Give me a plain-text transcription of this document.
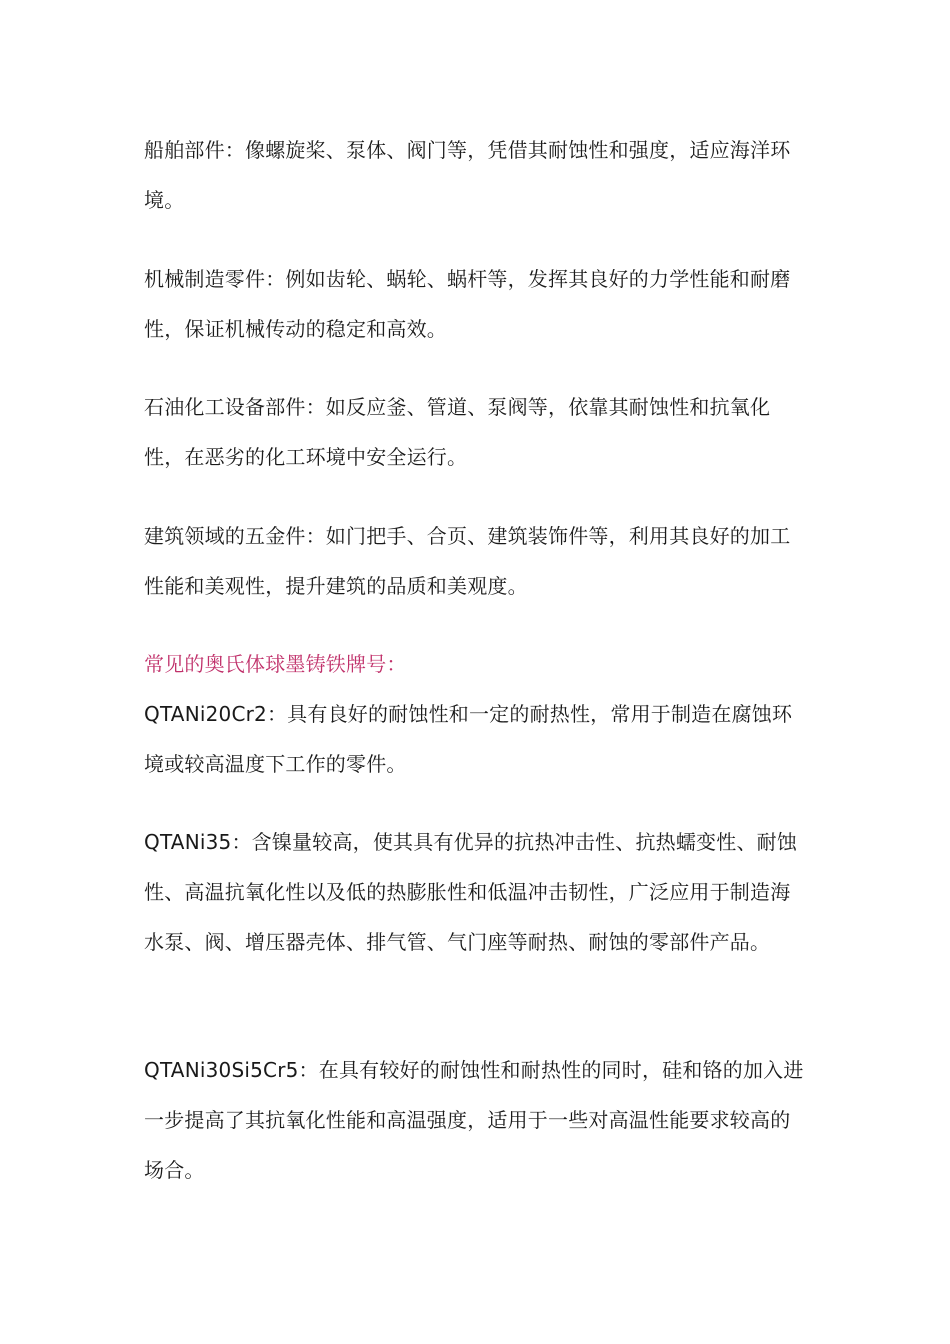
船舶部件：像螺旋桨、泵体、阀门等，凭借其耐蚀性和强度，适应海洋环境。

机械制造零件：例如齿轮、蜗轮、蜗杆等，发挥其良好的力学性能和耐磨性，保证机械传动的稳定和高效。

石油化工设备部件：如反应釜、管道、泵阀等，依靠其耐蚀性和抗氧化性，在恶劣的化工环境中安全运行。

建筑领域的五金件：如门把手、合页、建筑装饰件等，利用其良好的加工性能和美观性，提升建筑的品质和美观度。

常见的奥氏体球墨铸铁牌号：

QTANi20Cr2：具有良好的耐蚀性和一定的耐热性，常用于制造在腐蚀环境或较高温度下工作的零件。

QTANi35：含镍量较高，使其具有优异的抗热冲击性、抗热蠕变性、耐蚀性、高温抗氧化性以及低的热膨胀性和低温冲击韧性，广泛应用于制造海水泵、阀、增压器壳体、排气管、气门座等耐热、耐蚀的零部件产品。

QTANi30Si5Cr5：在具有较好的耐蚀性和耐热性的同时，硅和铬的加入进一步提高了其抗氧化性能和高温强度，适用于一些对高温性能要求较高的场合。
